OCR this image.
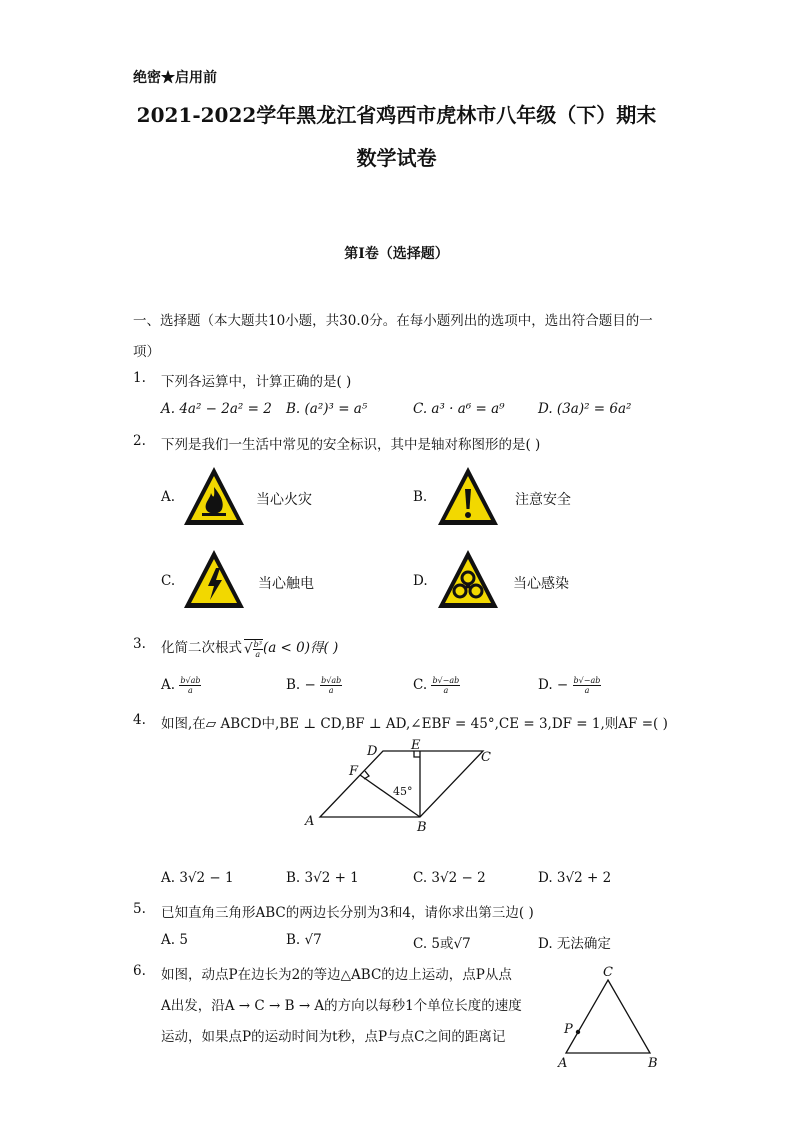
绝密★启用前
2021-2022学年黑龙江省鸡西市虎林市八年级（下）期末
数学试卷
第I卷（选择题）
一、选择题（本大题共10小题，共30.0分。在每小题列出的选项中，选出符合题目的一项）
1. 下列各运算中，计算正确的是( )
A. 4a² − 2a² = 2 B. (a²)³ = a⁵	C. a³ · a⁶ = a⁹ D. (3a)² = 6a²
2. 下列是我们一生活中常见的安全标识，其中是轴对称图形的是( )
A.	当心火灾	B.	注意安全
C.	当心触电	D.	当心感染
3. 化简二次根式 √ $\frac{\text{b³}}{a} (a < 0)$得( )
A. $\frac{b√ab}{a}$	B. − $\frac{b√ab}{a}$	C. $\frac{b√-ab}{a}$	D. − $\frac{b√-ab}{a}$
4. 如图,在▱ ABCD中,BE ⊥ CD,BF ⊥ AD,∠EBF = 45°,CE = 3,DF = 1,则AF =( )
D	E
C
F
45°
A	B
A. 3√2 − 1	B. 3√2 + 1	C. 3√2 − 2	D. 3√2 + 2
5. 已知直角三角形ABC的两边长分别为3和4，请你求出第三边( )
A. 5	B. √7	C. 5或√7	D. 无法确定
6. 如图，动点P在边长为2的等边△ABC的边上运动，点P从点
A出发，沿A → C → B → A的方向以每秒1个单位长度的速度
运动，如果点P的运动时间为t秒，点P与点C之间的距离记
C
P
A	B
